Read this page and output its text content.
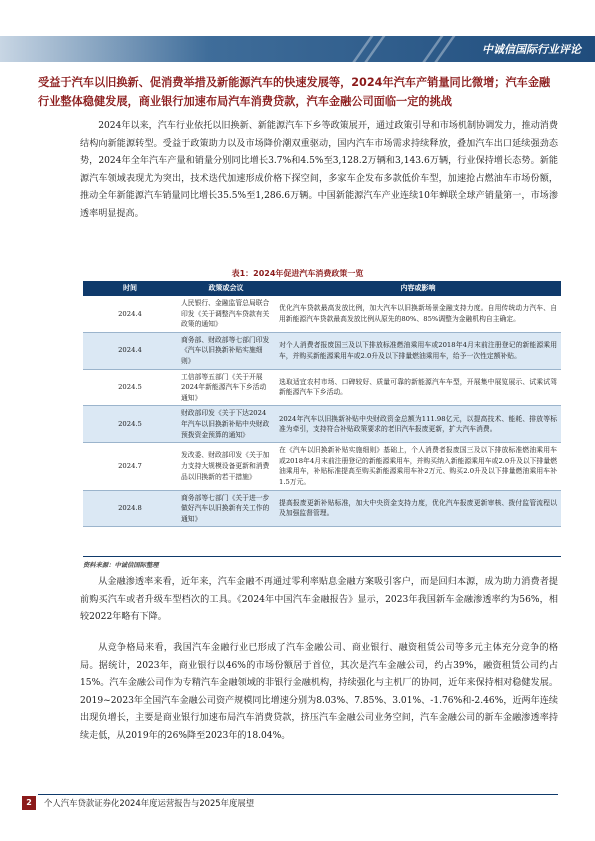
中诚信国际行业评论
受益于汽车以旧换新、促消费举措及新能源汽车的快速发展等，2024年汽车产销量同比微增；汽车金融行业整体稳健发展，商业银行加速布局汽车消费贷款，汽车金融公司面临一定的挑战

2024年以来，汽车行业依托以旧换新、新能源汽车下乡等政策展开，通过政策引导和市场机制协调发力，推动消费结构向新能源转型。受益于政策助力以及市场降价潮双重驱动，国内汽车市场需求持续释放，叠加汽车出口延续强劲态势，2024年全年汽车产量和销量分别同比增长3.7%和4.5%至3,128.2万辆和3,143.6万辆，行业保持增长态势。新能源汽车领域表现尤为突出，技术迭代加速形成价格下探空间，多家车企发布多款低价车型，加速抢占燃油车市场份额，推动全年新能源汽车销量同比增长35.5%至1,286.6万辆。中国新能源汽车产业连续10年蝉联全球产销量第一，市场渗透率明显提高。

表1：2024年促进汽车消费政策一览
时间	政策或会议	内容或影响
2024.4	人民银行、金融监管总局联合印发《关于调整汽车贷款有关政策的通知》	优化汽车贷款最高发放比例，加大汽车以旧换新场景金融支持力度。自用传统动力汽车、自用新能源汽车贷款最高发放比例从原先的80%、85%调整为金融机构自主确定。
2024.4	商务部、财政部等七部门印发《汽车以旧换新补贴实施细则》	对个人消费者报废国三及以下排放标准燃油乘用车或2018年4月末前注册登记的新能源乘用车，并购买新能源乘用车或2.0升及以下排量燃油乘用车，给予一次性定额补贴。
2024.5	工信部等五部门《关于开展2024年新能源汽车下乡活动通知》	选取适宜农村市场、口碑较好、质量可靠的新能源汽车车型，开展集中展览展示、试乘试驾新能源汽车下乡活动。
2024.5	财政部印发《关于下达2024年汽车以旧换新补贴中央财政预拨资金预算的通知》	2024年汽车以旧换新补贴中央财政资金总额为111.98亿元，以提高技术、能耗、排放等标准为牵引，支持符合补贴政策要求的老旧汽车报废更新，扩大汽车消费。
2024.7	发改委、财政部印发《关于加力支持大规模设备更新和消费品以旧换新的若干措施》	在《汽车以旧换新补贴实施细则》基础上，个人消费者报废国三及以下排放标准燃油乘用车或2018年4月末前注册登记的新能源乘用车，并购买纳入新能源乘用车或2.0升及以下排量燃油乘用车，补贴标准提高至购买新能源乘用车补2万元、购买2.0升及以下排量燃油乘用车补1.5万元。
2024.8	商务部等七部门《关于进一步做好汽车以旧换新有关工作的通知》	提高报废更新补贴标准，加大中央资金支持力度，优化汽车报废更新审核、拨付监管流程以及加强监督管理。
资料来源：中诚信国际整理

从金融渗透率来看，近年来，汽车金融不再通过零利率贴息金融方案吸引客户，而是回归本源，成为助力消费者提前购买汽车或者升级车型档次的工具。《2024年中国汽车金融报告》显示，2023年我国新车金融渗透率约为56%，相较2022年略有下降。

从竞争格局来看，我国汽车金融行业已形成了汽车金融公司、商业银行、融资租赁公司等多元主体充分竞争的格局。据统计，2023年，商业银行以46%的市场份额居于首位，其次是汽车金融公司，约占39%，融资租赁公司约占15%。汽车金融公司作为专精汽车金融领域的非银行金融机构，持续强化与主机厂的协同，近年来保持相对稳健发展。2019~2023年全国汽车金融公司资产规模同比增速分别为8.03%、7.85%、3.01%、-1.76%和-2.46%，近两年连续出现负增长，主要是商业银行加速布局汽车消费贷款，挤压汽车金融公司业务空间，汽车金融公司的新车金融渗透率持续走低，从2019年的26%降至2023年的18.04%。

2	个人汽车贷款证券化2024年度运营报告与2025年度展望
